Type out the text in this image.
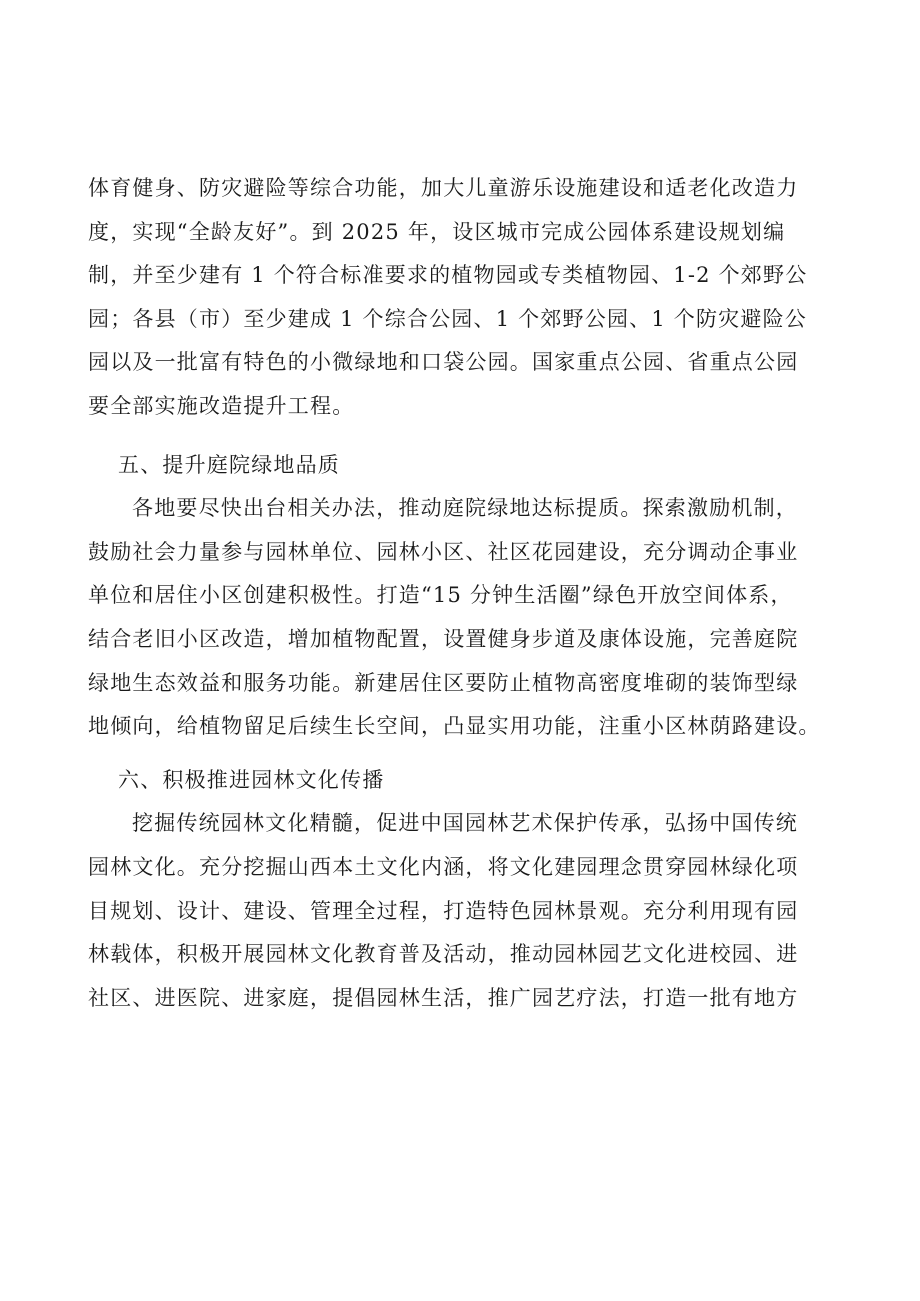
体育健身、防灾避险等综合功能，加大儿童游乐设施建设和适老化改造力
度，实现“全龄友好”。到 2025 年，设区城市完成公园体系建设规划编
制，并至少建有 1 个符合标准要求的植物园或专类植物园、1-2 个郊野公
园；各县（市）至少建成 1 个综合公园、1 个郊野公园、1 个防灾避险公
园以及一批富有特色的小微绿地和口袋公园。国家重点公园、省重点公园
要全部实施改造提升工程。

五、提升庭院绿地品质

各地要尽快出台相关办法，推动庭院绿地达标提质。探索激励机制，
鼓励社会力量参与园林单位、园林小区、社区花园建设，充分调动企事业
单位和居住小区创建积极性。打造“15 分钟生活圈”绿色开放空间体系，
结合老旧小区改造，增加植物配置，设置健身步道及康体设施，完善庭院
绿地生态效益和服务功能。新建居住区要防止植物高密度堆砌的装饰型绿
地倾向，给植物留足后续生长空间，凸显实用功能，注重小区林荫路建设。

六、积极推进园林文化传播

挖掘传统园林文化精髓，促进中国园林艺术保护传承，弘扬中国传统
园林文化。充分挖掘山西本土文化内涵，将文化建园理念贯穿园林绿化项
目规划、设计、建设、管理全过程，打造特色园林景观。充分利用现有园
林载体，积极开展园林文化教育普及活动，推动园林园艺文化进校园、进
社区、进医院、进家庭，提倡园林生活，推广园艺疗法，打造一批有地方
